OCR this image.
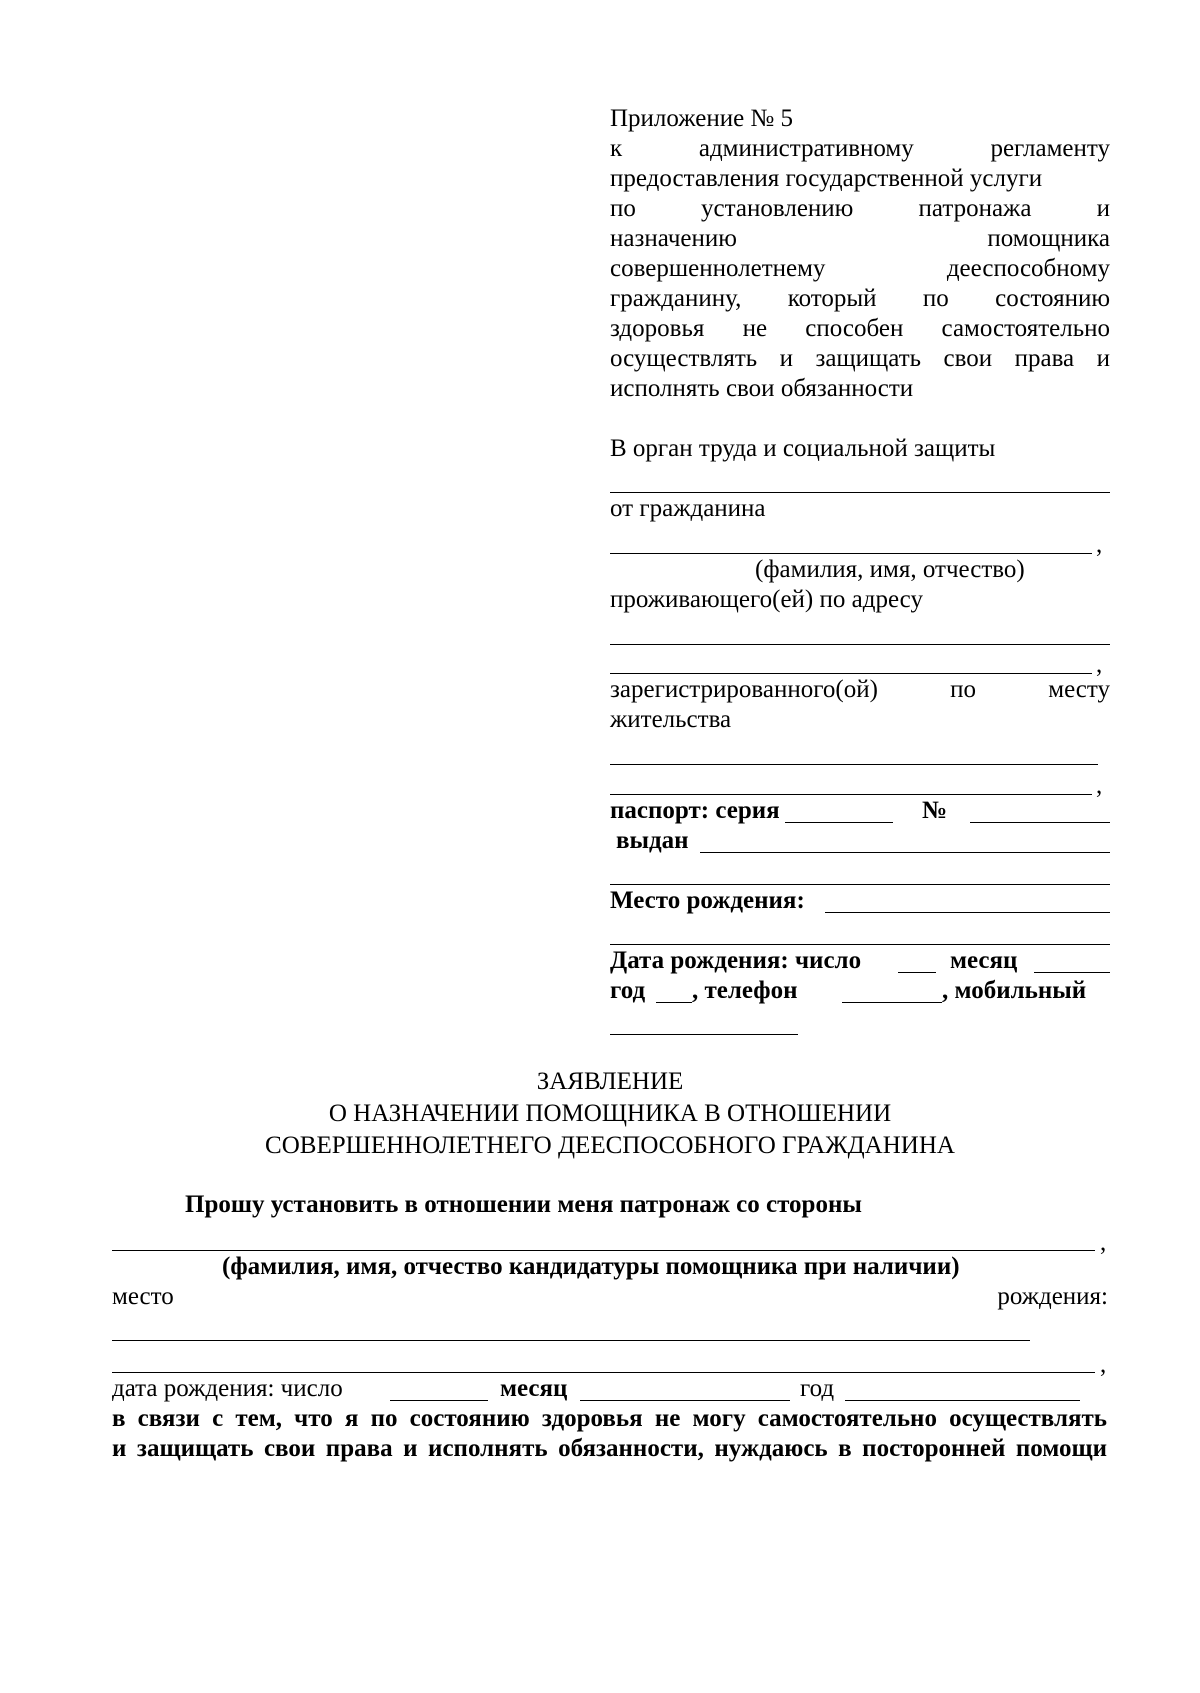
Приложение № 5
к административному регламенту
предоставления государственной услуги
по установлению патронажа и
назначению помощника
совершеннолетнему дееспособному
гражданину, который по состоянию
здоровья не способен самостоятельно
осуществлять и защищать свои права и
исполнять свои обязанности
В орган труда и социальной защиты
от гражданина
,
(фамилия, имя, отчество)
проживающего(ей) по адресу
,
зарегистрированного(ой) по месту
жительства
,
паспорт: серия	№
выдан
Место рождения:
Дата рождения: число	месяц
год , телефон	, мобильный
ЗАЯВЛЕНИЕ
О НАЗНАЧЕНИИ ПОМОЩНИКА В ОТНОШЕНИИ
СОВЕРШЕННОЛЕТНЕГО ДЕЕСПОСОБНОГО ГРАЖДАНИНА
Прошу установить в отношении меня патронаж со стороны
,
(фамилия, имя, отчество кандидатуры помощника при наличии)
место	рождения:
,
дата рождения: число	месяц	год
в связи с тем, что я по состоянию здоровья не могу самостоятельно осуществлять
и защищать свои права и исполнять обязанности, нуждаюсь в посторонней помощи
